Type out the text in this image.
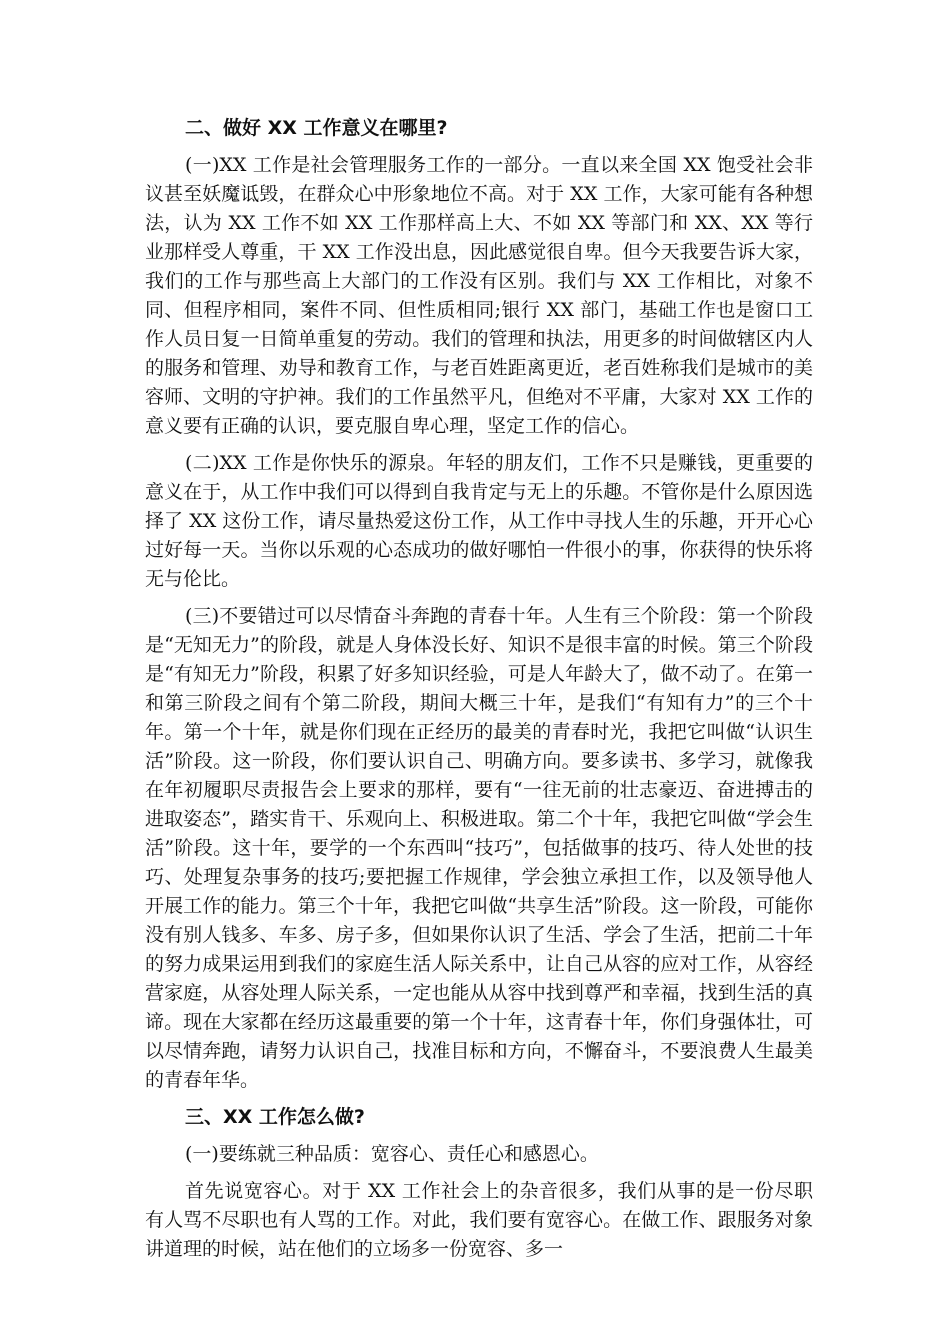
二、做好 XX 工作意义在哪里?

(一)XX 工作是社会管理服务工作的一部分。一直以来全国 XX 饱受社会非议甚至妖魔诋毁，在群众心中形象地位不高。对于 XX 工作，大家可能有各种想法，认为 XX 工作不如 XX 工作那样高上大、不如 XX 等部门和 XX、XX 等行业那样受人尊重，干 XX 工作没出息，因此感觉很自卑。但今天我要告诉大家，我们的工作与那些高上大部门的工作没有区别。我们与 XX 工作相比，对象不同、但程序相同，案件不同、但性质相同;银行 XX 部门，基础工作也是窗口工作人员日复一日简单重复的劳动。我们的管理和执法，用更多的时间做辖区内人的服务和管理、劝导和教育工作，与老百姓距离更近，老百姓称我们是城市的美容师、文明的守护神。我们的工作虽然平凡，但绝对不平庸，大家对 XX 工作的意义要有正确的认识，要克服自卑心理，坚定工作的信心。

(二)XX 工作是你快乐的源泉。年轻的朋友们，工作不只是赚钱，更重要的意义在于，从工作中我们可以得到自我肯定与无上的乐趣。不管你是什么原因选择了 XX 这份工作，请尽量热爱这份工作，从工作中寻找人生的乐趣，开开心心过好每一天。当你以乐观的心态成功的做好哪怕一件很小的事，你获得的快乐将无与伦比。

(三)不要错过可以尽情奋斗奔跑的青春十年。人生有三个阶段：第一个阶段是“无知无力”的阶段，就是人身体没长好、知识不是很丰富的时候。第三个阶段是“有知无力”阶段，积累了好多知识经验，可是人年龄大了，做不动了。在第一和第三阶段之间有个第二阶段，期间大概三十年，是我们“有知有力”的三个十年。第一个十年，就是你们现在正经历的最美的青春时光，我把它叫做“认识生活”阶段。这一阶段，你们要认识自己、明确方向。要多读书、多学习，就像我在年初履职尽责报告会上要求的那样，要有“一往无前的壮志豪迈、奋进搏击的进取姿态”，踏实肯干、乐观向上、积极进取。第二个十年，我把它叫做“学会生活”阶段。这十年，要学的一个东西叫“技巧”，包括做事的技巧、待人处世的技巧、处理复杂事务的技巧;要把握工作规律，学会独立承担工作，以及领导他人开展工作的能力。第三个十年，我把它叫做“共享生活”阶段。这一阶段，可能你没有别人钱多、车多、房子多，但如果你认识了生活、学会了生活，把前二十年的努力成果运用到我们的家庭生活人际关系中，让自己从容的应对工作，从容经营家庭，从容处理人际关系，一定也能从从容中找到尊严和幸福，找到生活的真谛。现在大家都在经历这最重要的第一个十年，这青春十年，你们身强体壮，可以尽情奔跑，请努力认识自己，找准目标和方向，不懈奋斗，不要浪费人生最美的青春年华。

三、XX 工作怎么做?

(一)要练就三种品质：宽容心、责任心和感恩心。

首先说宽容心。对于 XX 工作社会上的杂音很多，我们从事的是一份尽职有人骂不尽职也有人骂的工作。对此，我们要有宽容心。在做工作、跟服务对象讲道理的时候，站在他们的立场多一份宽容、多一
